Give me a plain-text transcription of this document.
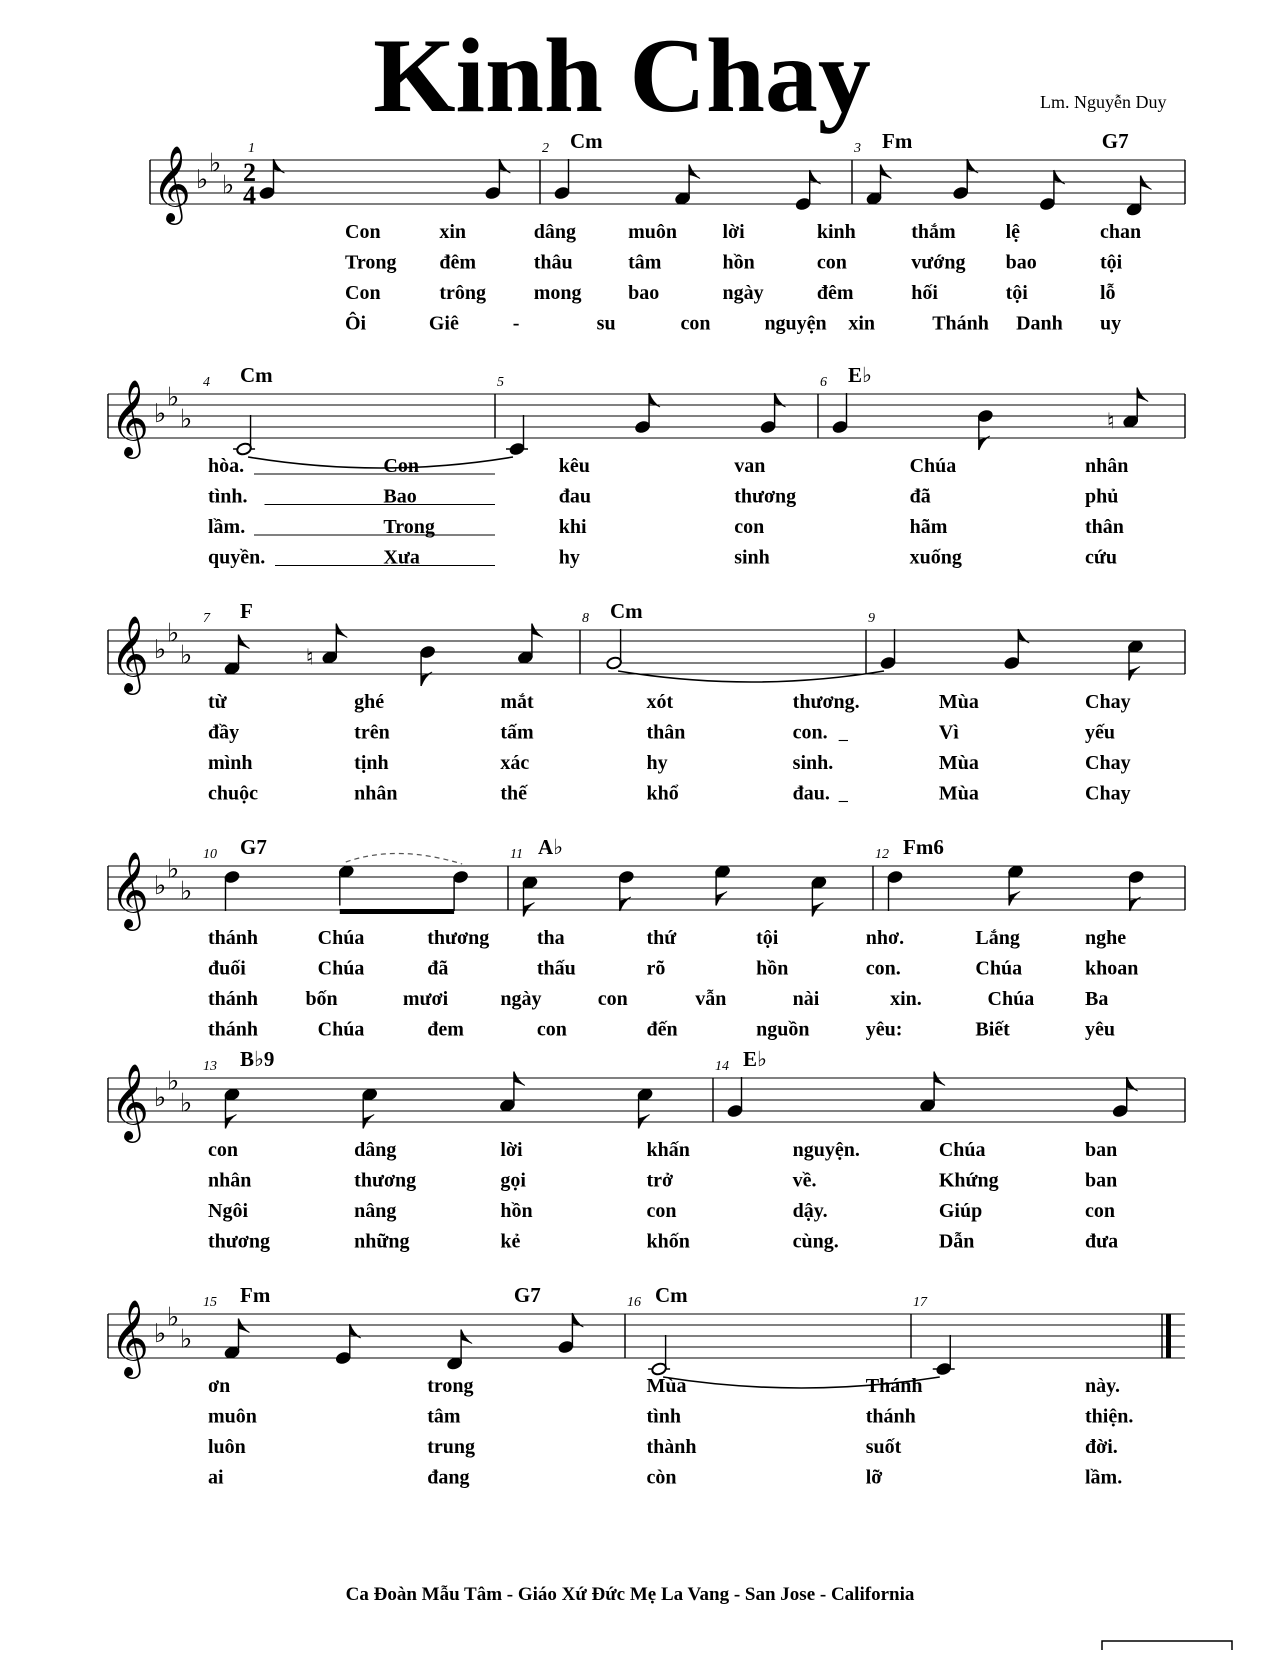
Kinh Chay	Lm. Nguyễn Duy
Ca Đoàn Mẫu Tâm - Giáo Xứ Đức Mẹ La Vang - San Jose - California
𝄞 ♭
♭
♭ 2
4
1	2 Cm	3 Fm	G7
Con	xin	dâng	muôn lời	kinh	thắm lệ	chan
Trong đêm	thâu	tâm	hồn	con	vướng bao	tội
Con	trông mong bao	ngày	đêm	hối	tội	lỗ
Ôi	Giê	-	su	con	nguyện xin	Thánh Danh uy
𝄞 ♭
♭
♭
4 Cm	5	6 E♭
♮
hòa.	Con	kêu	van	Chúa	nhân
tình.	Bao	đau	thương	đã	phủ
lầm.	Trong	khi	con	hãm	thân
quyền.	Xưa	hy	sinh	xuống	cứu
𝄞 ♭
♭
♭
7 F
♮
8 Cm	9
từ	ghé	mắt	xót	thương.	Mùa	Chay
đầy	trên	tấm	thân	con.	Vì	yếu
mình	tịnh	xác	hy	sinh.	Mùa	Chay
chuộc	nhân	thế	khổ	đau.	Mùa	Chay
𝄞 ♭
♭
♭
10 G7	11 A♭	12 Fm6
thánh	Chúa	thương tha	thứ	tội	nhơ.	Lắng	nghe
đuối	Chúa	đã	thấu	rõ	hồn	con.	Chúa	khoan
thánh bốn	mươi	ngày	con	vẫn	nài	xin.	Chúa	Ba
thánh	Chúa	đem	con	đến	nguồn	yêu:	Biết	yêu
𝄞 ♭
♭
♭
13 B♭9	14 E♭
con	dâng	lời	khấn	nguyện.	Chúa	ban
nhân	thương	gọi	trở	về.	Khứng	ban
Ngôi	nâng	hồn	con	dậy.	Giúp	con
thương	những	kẻ	khốn	cùng.	Dẫn	đưa
𝄞 ♭
♭
♭
15 Fm	G7	16 Cm	17
ơn	trong	Mùa	Thánh	này.
muôn	tâm	tình	thánh	thiện.
luôn	trung	thành	suốt	đời.
ai	đang	còn	lỡ	lầm.
